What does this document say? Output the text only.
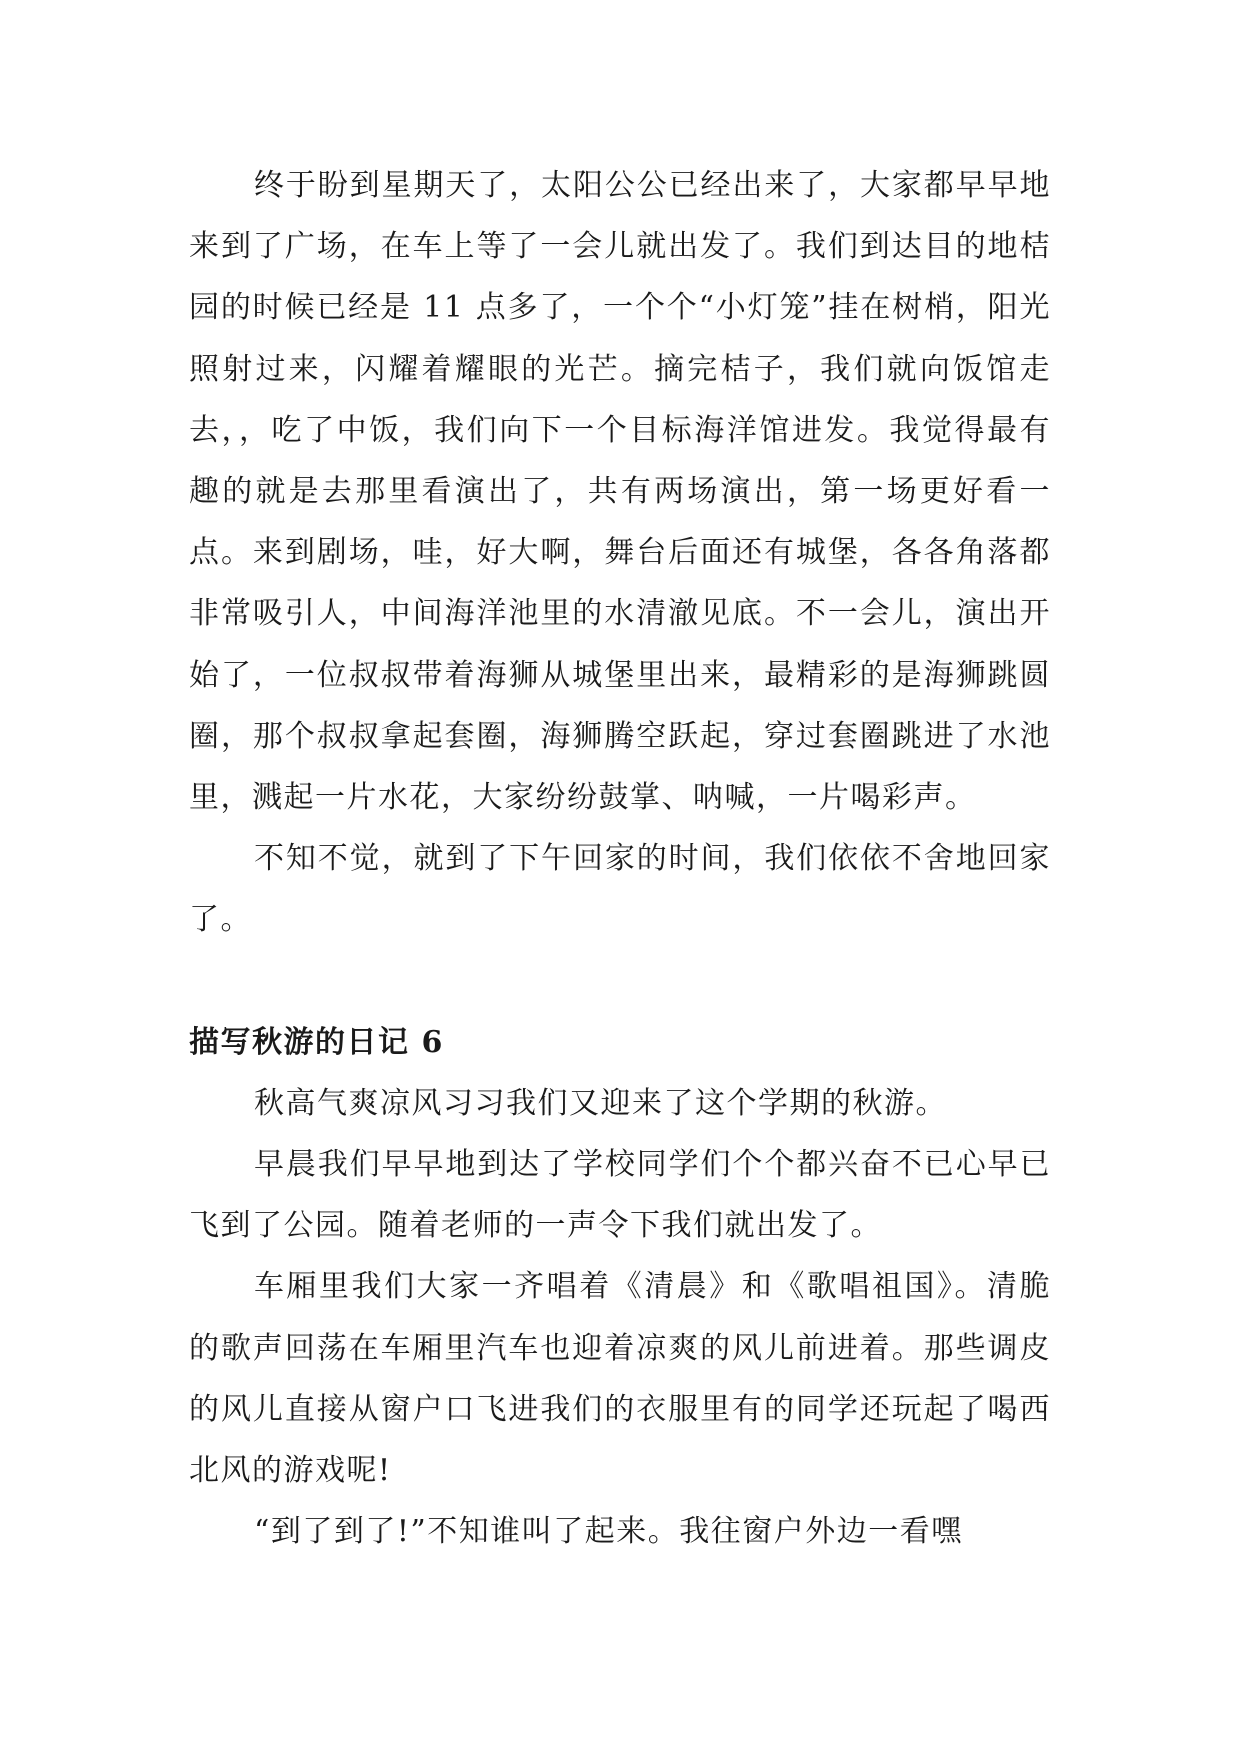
终于盼到星期天了，太阳公公已经出来了，大家都早早地来到了广场，在车上等了一会儿就出发了。我们到达目的地桔园的时候已经是 11 点多了，一个个“小灯笼”挂在树梢，阳光照射过来，闪耀着耀眼的光芒。摘完桔子，我们就向饭馆走去，，吃了中饭，我们向下一个目标海洋馆进发。我觉得最有趣的就是去那里看演出了，共有两场演出，第一场更好看一点。来到剧场，哇，好大啊，舞台后面还有城堡，各各角落都非常吸引人，中间海洋池里的水清澈见底。不一会儿，演出开始了，一位叔叔带着海狮从城堡里出来，最精彩的是海狮跳圆圈，那个叔叔拿起套圈，海狮腾空跃起，穿过套圈跳进了水池里，溅起一片水花，大家纷纷鼓掌、呐喊，一片喝彩声。

不知不觉，就到了下午回家的时间，我们依依不舍地回家了。

描写秋游的日记 6

秋高气爽凉风习习我们又迎来了这个学期的秋游。

早晨我们早早地到达了学校同学们个个都兴奋不已心早已飞到了公园。随着老师的一声令下我们就出发了。

车厢里我们大家一齐唱着《清晨》和《歌唱祖国》。清脆的歌声回荡在车厢里汽车也迎着凉爽的风儿前进着。那些调皮的风儿直接从窗户口飞进我们的衣服里有的同学还玩起了喝西北风的游戏呢!

“到了到了!”不知谁叫了起来。我往窗户外边一看嘿
